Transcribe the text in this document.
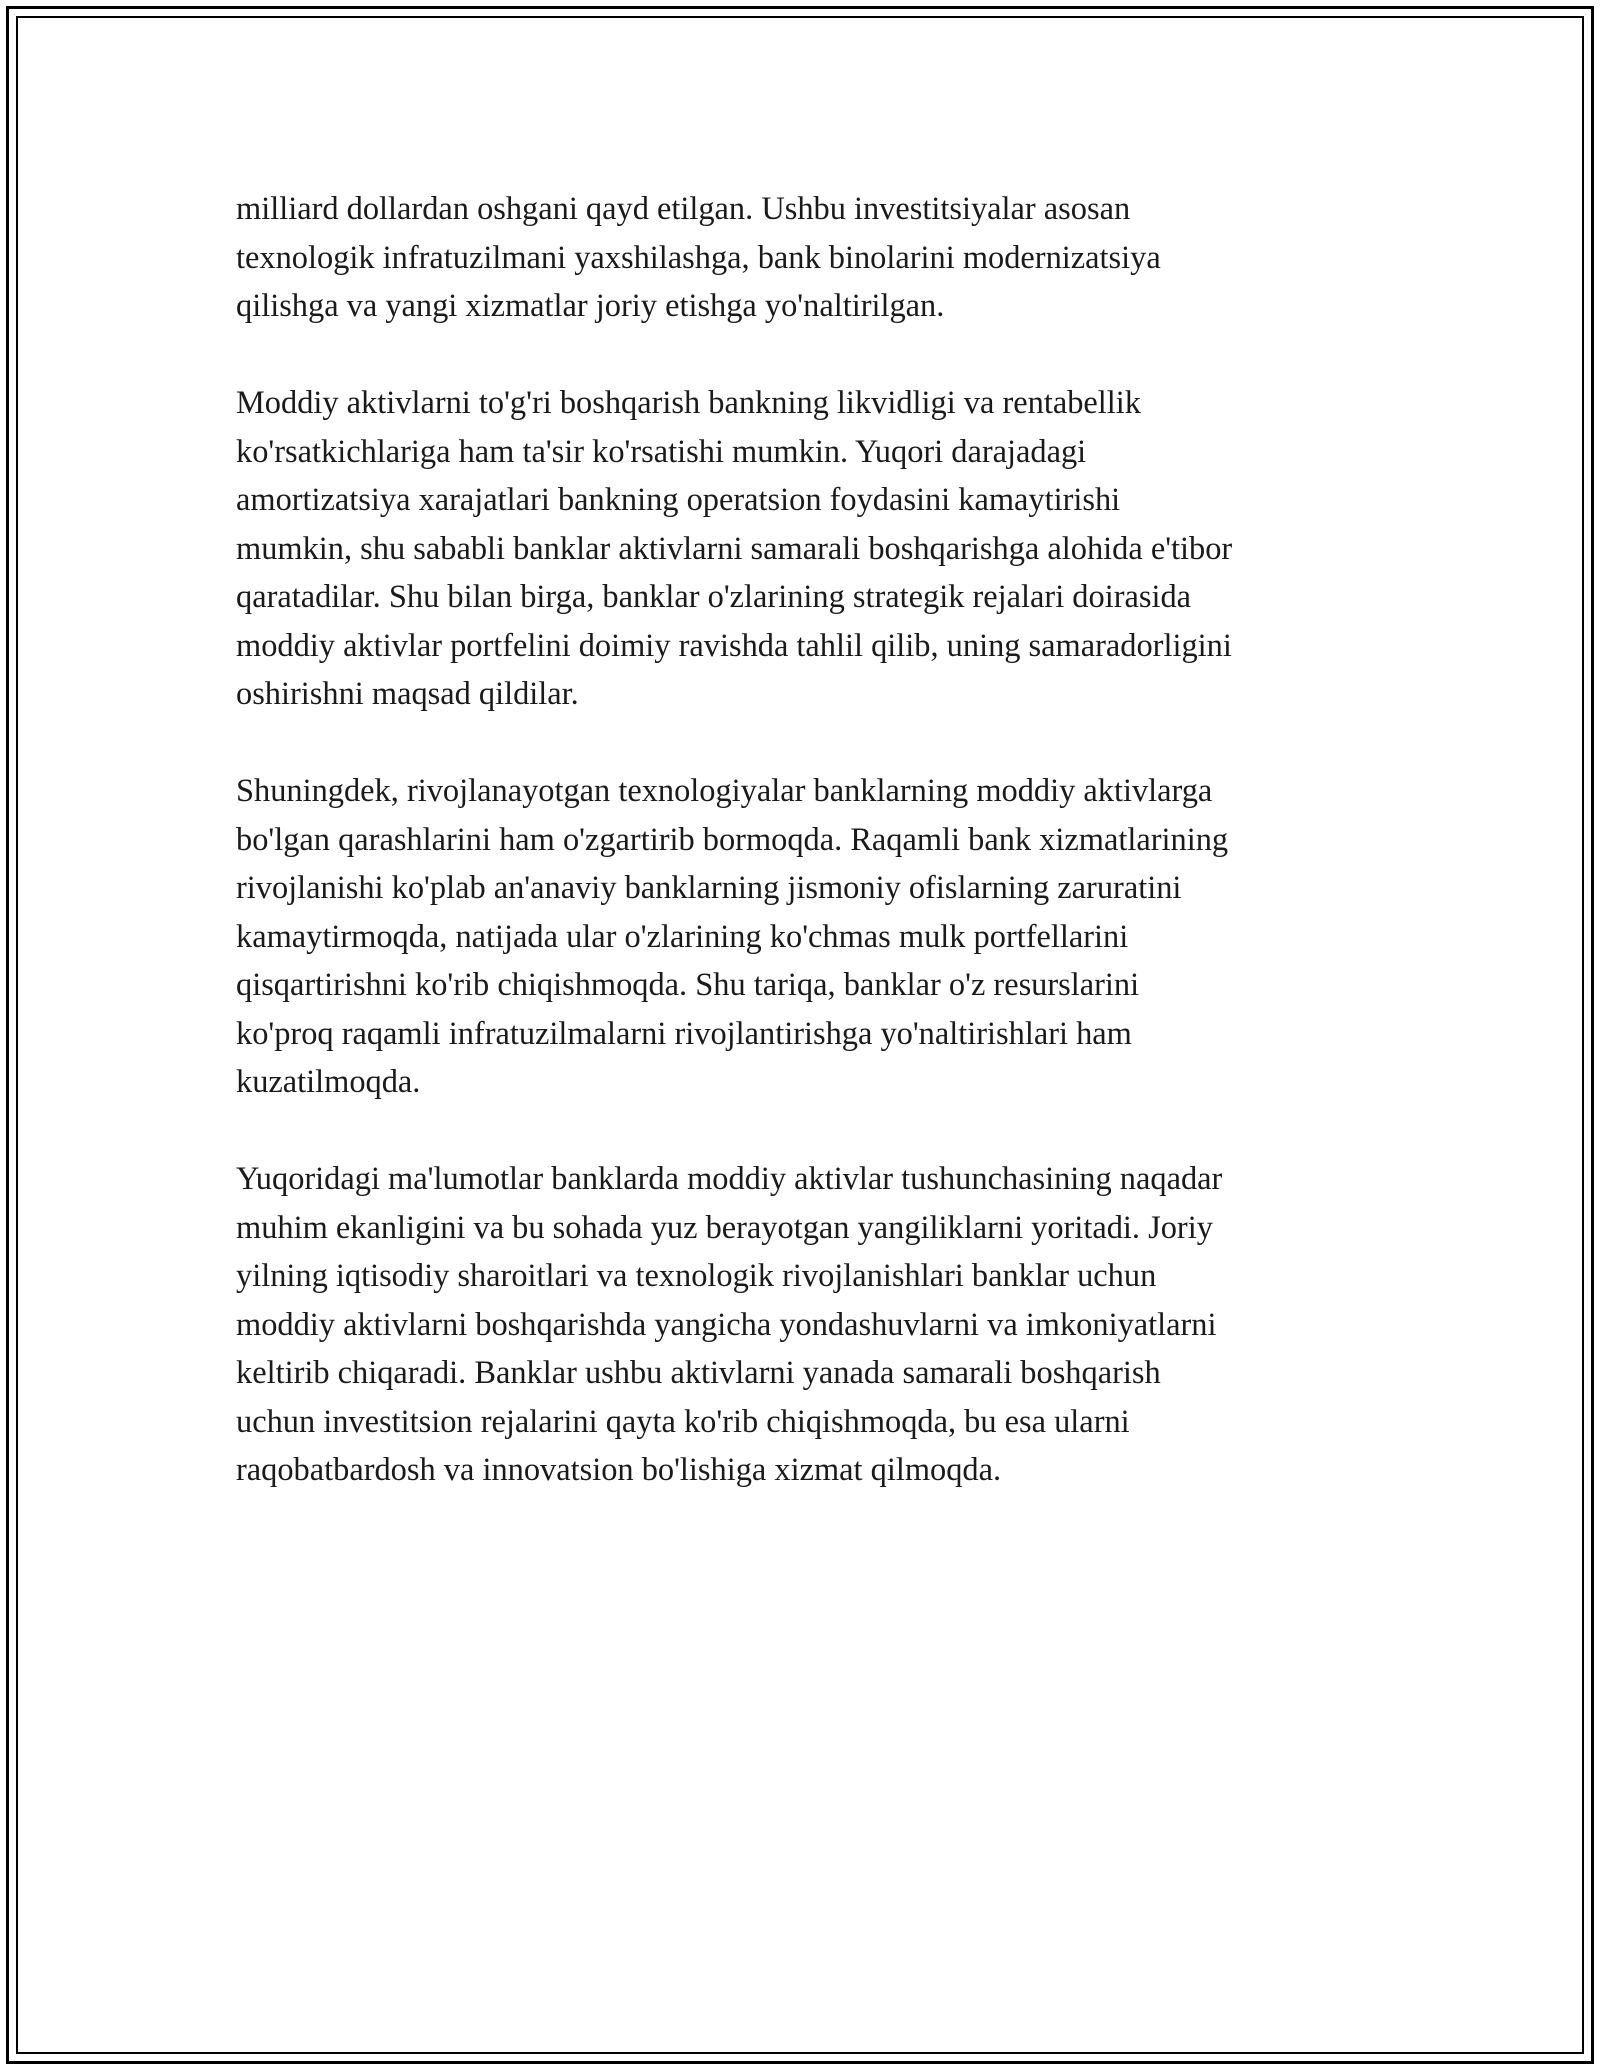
milliard dollardan oshgani qayd etilgan. Ushbu investitsiyalar asosan
texnologik infratuzilmani yaxshilashga, bank binolarini modernizatsiya
qilishga va yangi xizmatlar joriy etishga yo'naltirilgan.

Moddiy aktivlarni to'g'ri boshqarish bankning likvidligi va rentabellik
ko'rsatkichlariga ham ta'sir ko'rsatishi mumkin. Yuqori darajadagi
amortizatsiya xarajatlari bankning operatsion foydasini kamaytirishi
mumkin, shu sababli banklar aktivlarni samarali boshqarishga alohida e'tibor
qaratadilar. Shu bilan birga, banklar o'zlarining strategik rejalari doirasida
moddiy aktivlar portfelini doimiy ravishda tahlil qilib, uning samaradorligini
oshirishni maqsad qildilar.

Shuningdek, rivojlanayotgan texnologiyalar banklarning moddiy aktivlarga
bo'lgan qarashlarini ham o'zgartirib bormoqda. Raqamli bank xizmatlarining
rivojlanishi ko'plab an'anaviy banklarning jismoniy ofislarning zaruratini
kamaytirmoqda, natijada ular o'zlarining ko'chmas mulk portfellarini
qisqartirishni ko'rib chiqishmoqda. Shu tariqa, banklar o'z resurslarini
ko'proq raqamli infratuzilmalarni rivojlantirishga yo'naltirishlari ham
kuzatilmoqda.

Yuqoridagi ma'lumotlar banklarda moddiy aktivlar tushunchasining naqadar
muhim ekanligini va bu sohada yuz berayotgan yangiliklarni yoritadi. Joriy
yilning iqtisodiy sharoitlari va texnologik rivojlanishlari banklar uchun
moddiy aktivlarni boshqarishda yangicha yondashuvlarni va imkoniyatlarni
keltirib chiqaradi. Banklar ushbu aktivlarni yanada samarali boshqarish
uchun investitsion rejalarini qayta ko'rib chiqishmoqda, bu esa ularni
raqobatbardosh va innovatsion bo'lishiga xizmat qilmoqda.
